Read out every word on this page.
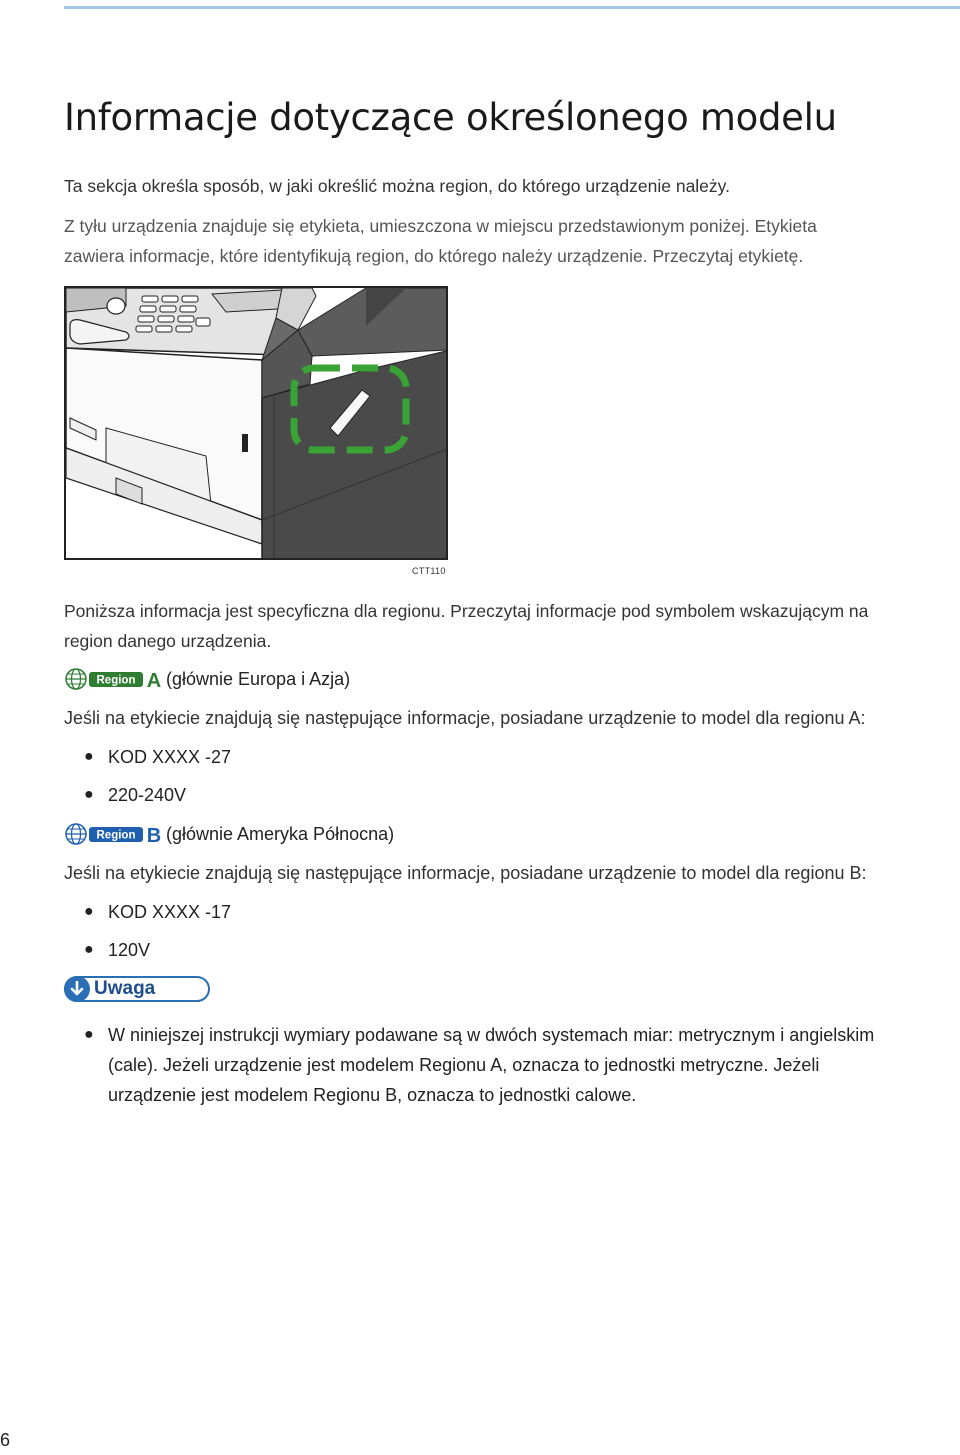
Informacje dotyczące określonego modelu

Ta sekcja określa sposób, w jaki określić można region, do którego urządzenie należy.

Z tyłu urządzenia znajduje się etykieta, umieszczona w miejscu przedstawionym poniżej. Etykieta

zawiera informacje, które identyfikują region, do którego należy urządzenie. Przeczytaj etykietę.

CTT110

Poniższa informacja jest specyficzna dla regionu. Przeczytaj informacje pod symbolem wskazującym na

region danego urządzenia.

Region A (głównie Europa i Azja)

Jeśli na etykiecie znajdują się następujące informacje, posiadane urządzenie to model dla regionu A:

● KOD XXXX -27
● 220-240V
Region B (głównie Ameryka Północna)

Jeśli na etykiecie znajdują się następujące informacje, posiadane urządzenie to model dla regionu B:

● KOD XXXX -17
● 120V
Uwaga
● W niniejszej instrukcji wymiary podawane są w dwóch systemach miar: metrycznym i angielskim
(cale). Jeżeli urządzenie jest modelem Regionu A, oznacza to jednostki metryczne. Jeżeli
urządzenie jest modelem Regionu B, oznacza to jednostki calowe.
6
